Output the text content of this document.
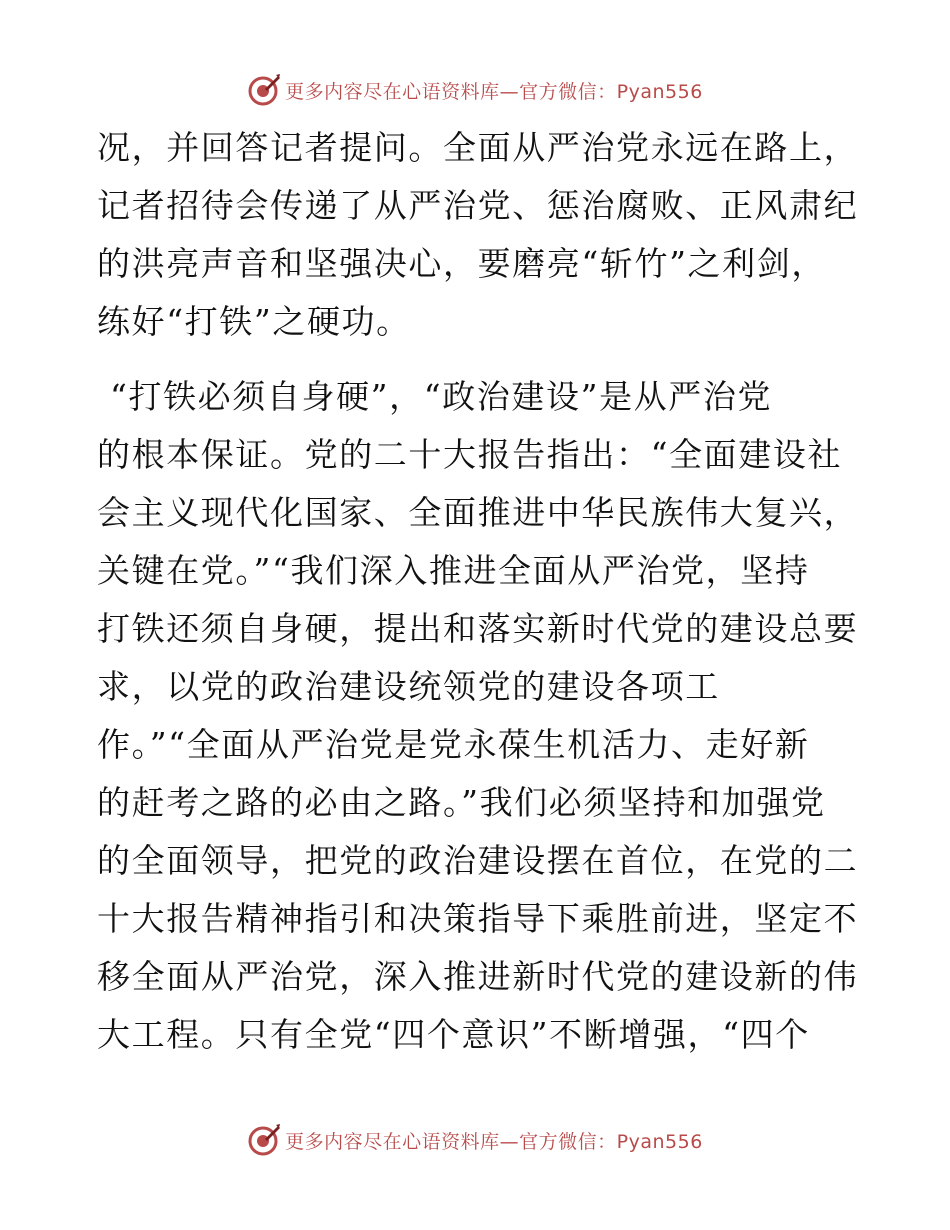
更多内容尽在心语资料库—官方微信：Pyan556
况，并回答记者提问。全面从严治党永远在路上，
记者招待会传递了从严治党、惩治腐败、正风肃纪
的洪亮声音和坚强决心，要磨亮“斩竹”之利剑，
练好“打铁”之硬功。
“打铁必须自身硬”，“政治建设”是从严治党
的根本保证。党的二十大报告指出：“全面建设社
会主义现代化国家、全面推进中华民族伟大复兴，
关键在党。”“我们深入推进全面从严治党，坚持
打铁还须自身硬，提出和落实新时代党的建设总要
求，以党的政治建设统领党的建设各项工
作。”“全面从严治党是党永葆生机活力、走好新
的赶考之路的必由之路。”我们必须坚持和加强党
的全面领导，把党的政治建设摆在首位，在党的二
十大报告精神指引和决策指导下乘胜前进，坚定不
移全面从严治党，深入推进新时代党的建设新的伟
大工程。只有全党“四个意识”不断增强，“四个
更多内容尽在心语资料库—官方微信：Pyan556
